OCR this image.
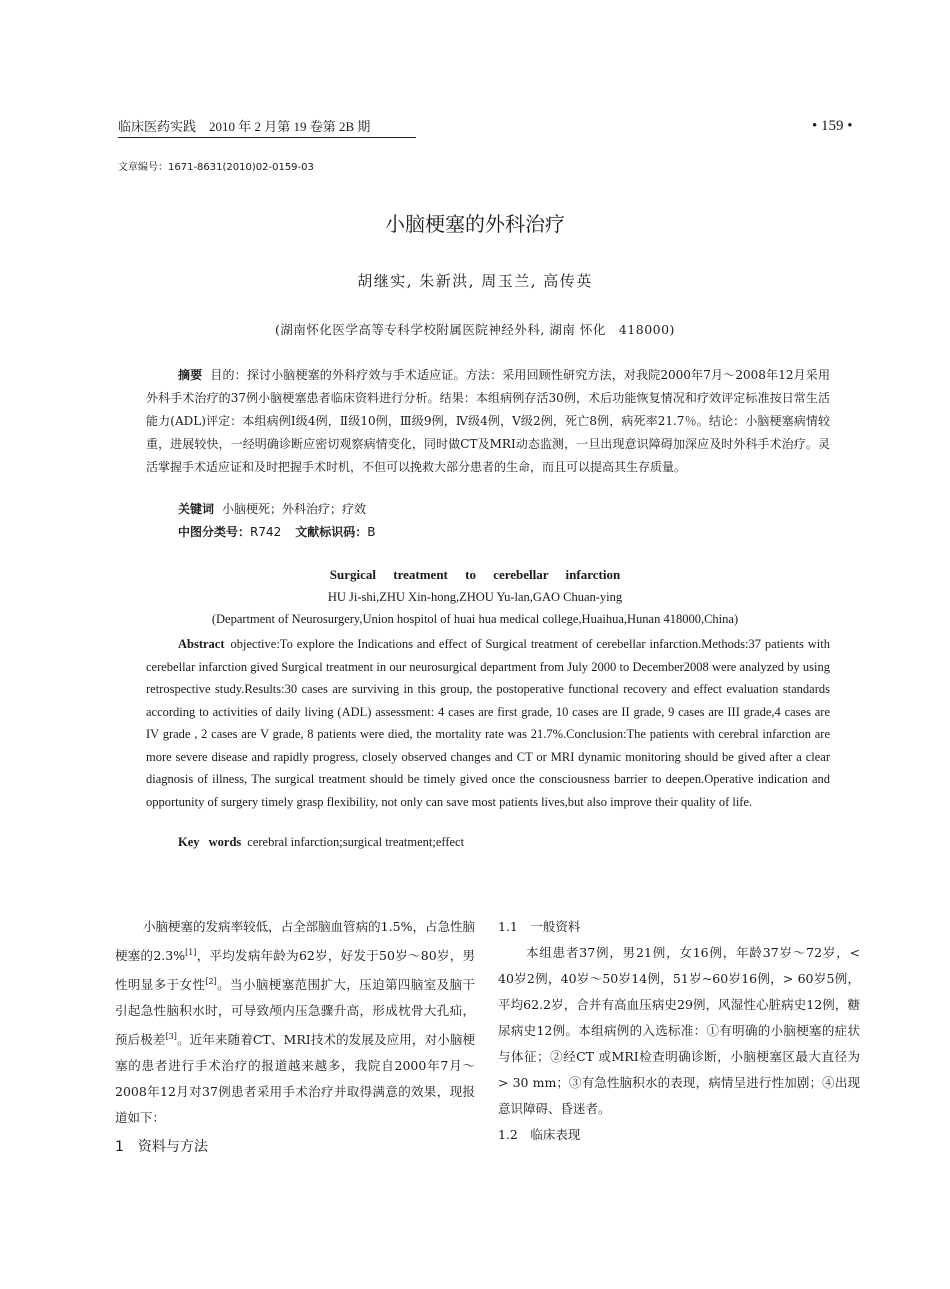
临床医药实践　2010 年 2 月第 19 卷第 2B 期	• 159 •
文章编号：1671-8631(2010)02-0159-03
小脑梗塞的外科治疗
胡继实, 朱新洪, 周玉兰, 高传英
(湖南怀化医学高等专科学校附属医院神经外科, 湖南 怀化　418000)
摘要 目的：探讨小脑梗塞的外科疗效与手术适应证。方法：采用回顾性研究方法，对我院2000年7月～2008年12月采用外科手术治疗的37例小脑梗塞患者临床资料进行分析。结果：本组病例存活30例，术后功能恢复情况和疗效评定标准按日常生活能力(ADL)评定：本组病例Ⅰ级4例，Ⅱ级10例，Ⅲ级9例，Ⅳ级4例，Ⅴ级2例，死亡8例，病死率21.7％。结论：小脑梗塞病情较重，进展较快，一经明确诊断应密切观察病情变化，同时做CT及MRI动态监测，一旦出现意识障碍加深应及时外科手术治疗。灵活掌握手术适应证和及时把握手术时机，不但可以挽救大部分患者的生命，而且可以提高其生存质量。
关键词 小脑梗死；外科治疗；疗效
中图分类号：R742 文献标识码：B
Surgical treatment to cerebellar infarction
HU Ji-shi,ZHU Xin-hong,ZHOU Yu-lan,GAO Chuan-ying
(Department of Neurosurgery,Union hospitol of huai hua medical college,Huaihua,Hunan 418000,China)
Abstract objective:To explore the Indications and effect of Surgical treatment of cerebellar infarction.Methods:37 patients with cerebellar infarction gived Surgical treatment in our neurosurgical department from July 2000 to December2008 were analyzed by using retrospective study.Results:30 cases are surviving in this group, the postoperative functional recovery and effect evaluation standards according to activities of daily living (ADL) assessment: 4 cases are first grade, 10 cases are II grade, 9 cases are III grade,4 cases are IV grade , 2 cases are V grade, 8 patients were died, the mortality rate was 21.7%.Conclusion:The patients with cerebral infarction are more severe disease and rapidly progress, closely observed changes and CT or MRI dynamic monitoring should be gived after a clear diagnosis of illness, The surgical treatment should be timely gived once the consciousness barrier to deepen.Operative indication and opportunity of surgery timely grasp flexibility, not only can save most patients lives,but also improve their quality of life.
Key words cerebral infarction;surgical treatment;effect

小脑梗塞的发病率较低，占全部脑血管病的1.5%，占急性脑梗塞的2.3%[1]，平均发病年龄为62岁，好发于50岁～80岁，男性明显多于女性[2]。当小脑梗塞范围扩大，压迫第四脑室及脑干引起急性脑积水时，可导致颅内压急骤升高，形成枕骨大孔疝，预后极差[3]。近年来随着CT、MRI技术的发展及应用，对小脑梗塞的患者进行手术治疗的报道越来越多，我院自2000年7月～2008年12月对37例患者采用手术治疗并取得满意的效果，现报道如下：

1　资料与方法
1.1　一般资料

本组患者37例，男21例，女16例，年龄37岁～72岁，< 40岁2例，40岁～50岁14例，51岁~60岁16例，> 60岁5例，平均62.2岁，合并有高血压病史29例，风湿性心脏病史12例，糖尿病史12例。本组病例的入选标准：①有明确的小脑梗塞的症状与体征；②经CT 或MRI检查明确诊断，小脑梗塞区最大直径为 > 30 mm；③有急性脑积水的表现，病情呈进行性加剧；④出现意识障碍、昏迷者。

1.2　临床表现
